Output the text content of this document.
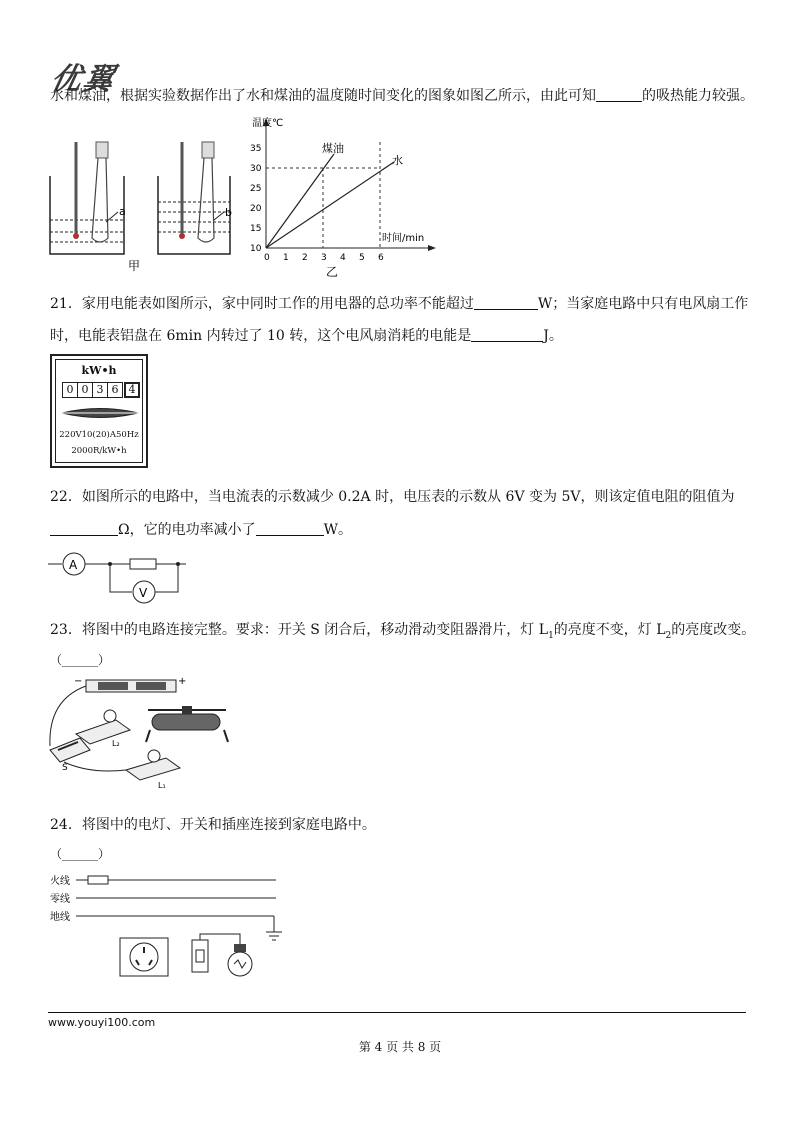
优翼
水和煤油，根据实验数据作出了水和煤油的温度随时间变化的图象如图乙所示，由此可知	的吸热能力较强。
a	b
甲
温度℃
时间/min
10
15
20
25
30
35
0 1 2 3 4 5 6
煤油
水
乙
21．家用电能表如图所示，家中同时工作的用电器的总功率不能超过	W；当家庭电路中只有电风扇工作
时，电能表铝盘在 6min 内转过了 10 转，这个电风扇消耗的电能是	J。
kW•h
0 0 3 6 4
220V10(20)A50Hz
2000R/kW•h
22．如图所示的电路中，当电流表的示数减少 0.2A 时，电压表的示数从 6V 变为 5V，则该定值电阻的阻值为
Ω，它的电功率减小了	W。
A
V
23．将图中的电路连接完整。要求：开关 S 闭合后，移动滑动变阻器滑片，灯 $L_1$的亮度不变，灯 $L_2$的亮度改变。
（______）
−	+
S
L₂
L₁
24．将图中的电灯、开关和插座连接到家庭电路中。
（______）
火线
零线
地线
www.youyi100.com
第 4 页 共 8 页
